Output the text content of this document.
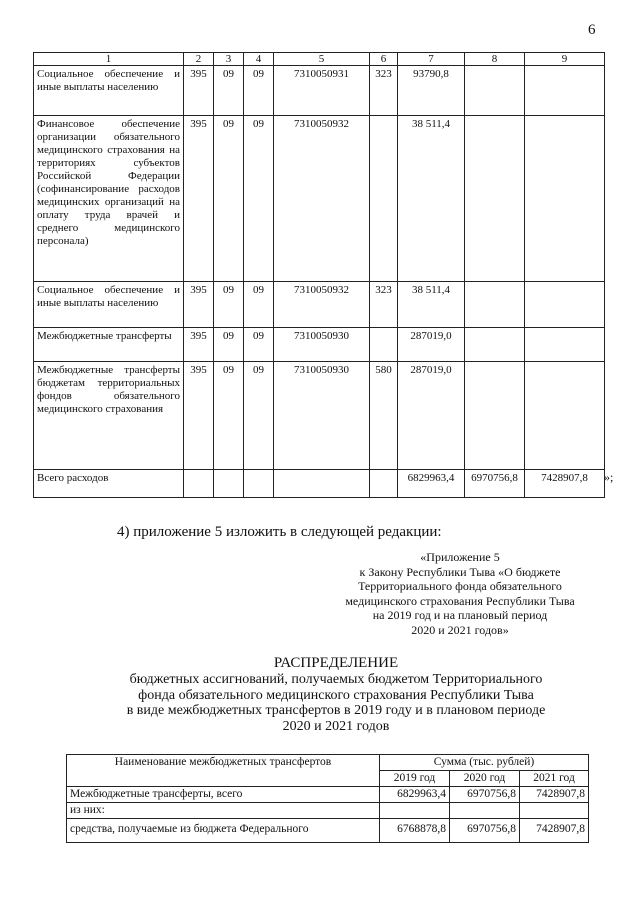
6
1	2	3	4	5	6	7	8	9
Социальное обеспечение и иные выплаты населению	395	09	09	7310050931	323	93790,8		
Финансовое обеспечение организации обязательного медицинского страхования на территориях субъектов Российской Федерации (софинансирование расходов медицинских организаций на оплату труда врачей и среднего медицинского персонала)	395	09	09	7310050932		38 511,4		
Социальное обеспечение и иные выплаты населению	395	09	09	7310050932	323	38 511,4		
Межбюджетные трансферты	395	09	09	7310050930		287019,0		
Межбюджетные трансферты бюджетам территориальных фондов обязательного медицинского страхования	395	09	09	7310050930	580	287019,0		
Всего расходов						6829963,4	6970756,8	7428907,8 »;
4) приложение 5 изложить в следующей редакции:
«Приложение 5
к Закону Республики Тыва «О бюджете
Территориального фонда обязательного
медицинского страхования Республики Тыва
на 2019 год и на плановый период
2020 и 2021 годов»
РАСПРЕДЕЛЕНИЕ
бюджетных ассигнований, получаемых бюджетом Территориального
фонда обязательного медицинского страхования Республики Тыва
в виде межбюджетных трансфертов в 2019 году и в плановом периоде
2020 и 2021 годов
Наименование межбюджетных трансфертов	Сумма (тыс. рублей)		
	2019 год	2020 год	2021 год
Межбюджетные трансферты, всего	6829963,4	6970756,8	7428907,8
из них:			
средства, получаемые из бюджета Федерального	6768878,8	6970756,8	7428907,8
